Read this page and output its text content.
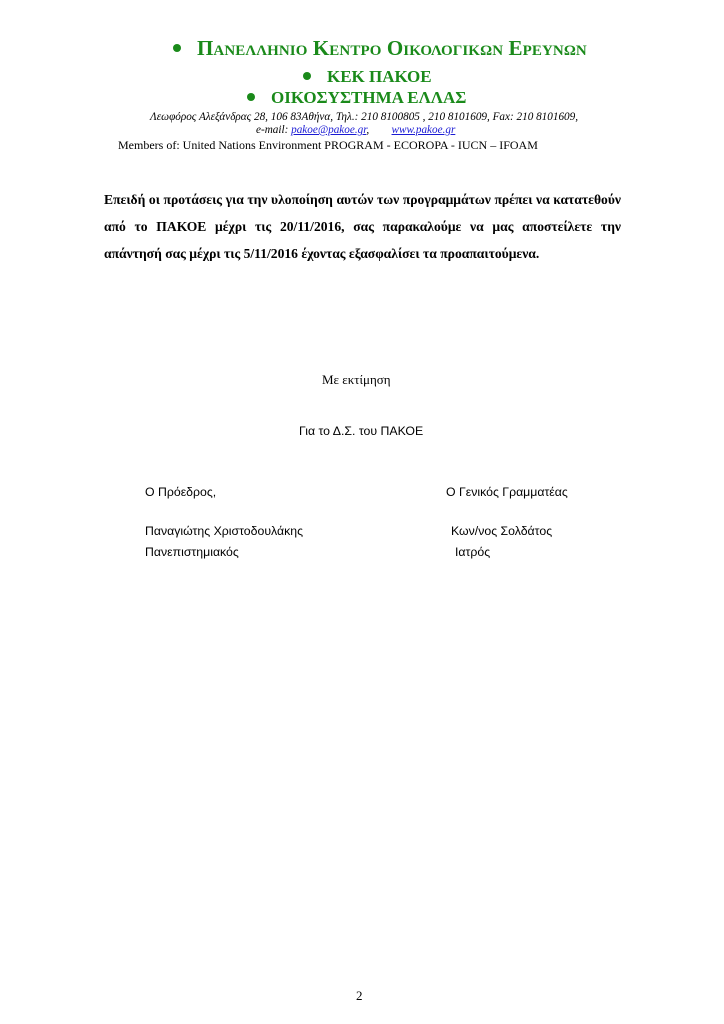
Πανελληνιο Κεντρο Οικολογικων Ερευνων
ΚΕΚ ΠΑΚΟΕ
ΟΙΚΟΣΥΣΤΗΜΑ ΕΛΛΑΣ
Λεωφόρος Αλεξάνδρας 28, 106 83Αθήνα, Τηλ.: 210 8100805 , 210 8101609, Fax: 210 8101609,
e-mail: pakoe@pakoe.gr, www.pakoe.gr
Members of: United Nations Environment PROGRAM - ECOROPA - IUCN – IFOAM
Επειδή οι προτάσεις για την υλοποίηση αυτών των προγραμμάτων πρέπει να κατατεθούν από το ΠΑΚΟΕ μέχρι τις 20/11/2016, σας παρακαλούμε να μας αποστείλετε την απάντησή σας μέχρι τις 5/11/2016 έχοντας εξασφαλίσει τα προαπαιτούμενα.
Με εκτίμηση
Για το Δ.Σ. του ΠΑΚΟΕ
Ο Πρόεδρος,	Ο Γενικός Γραμματέας
Παναγιώτης Χριστοδουλάκης	Κων/νος Σολδάτος
Πανεπιστημιακός	Ιατρός
2
